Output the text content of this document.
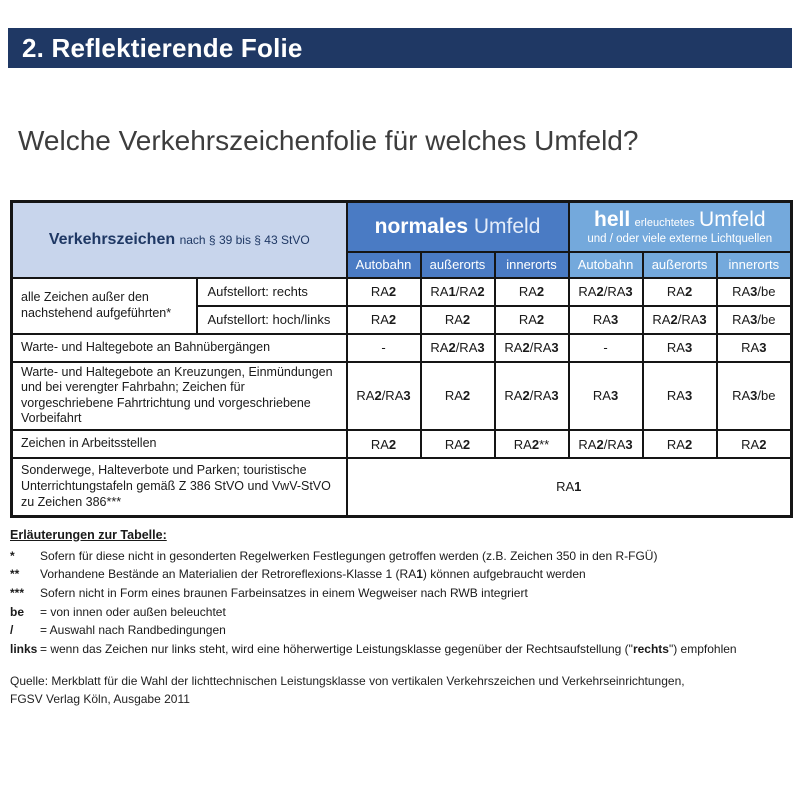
2. Reflektierende Folie
Welche Verkehrszeichenfolie für welches Umfeld?
Verkehrszeichen nach § 39 bis § 43 StVO		normales Umfeld			hell erleuchtetes Umfeld
und / oder viele externe Lichtquellen		

		Autobahn	außerorts	innerorts	Autobahn	außerorts	innerorts
alle Zeichen außer den nachstehend aufgeführten*	Aufstellort: rechts	RA2	RA1/RA2	RA2	RA2/RA3	RA2	RA3/be
	Aufstellort: hoch/links	RA2	RA2	RA2	RA3	RA2/RA3	RA3/be
Warte- und Haltegebote an Bahnübergängen		-	RA2/RA3	RA2/RA3	-	RA3	RA3
Warte- und Haltegebote an Kreuzungen, Einmündungen und bei verengter Fahrbahn; Zeichen für vorgeschriebene Fahrtrichtung und vorgeschriebene Vorbeifahrt		RA2/RA3	RA2	RA2/RA3	RA3	RA3	RA3/be
Zeichen in Arbeitsstellen		RA2	RA2	RA2**	RA2/RA3	RA2	RA2
Sonderwege, Halteverbote und Parken; touristische Unterrichtungstafeln gemäß Z 386 StVO und VwV-StVO zu Zeichen 386***		RA1					
Erläuterungen zur Tabelle:
*	Sofern für diese nicht in gesonderten Regelwerken Festlegungen getroffen werden (z.B. Zeichen 350 in den R-FGÜ)
**	Vorhandene Bestände an Materialien der Retroreflexions-Klasse 1 (RA1) können aufgebraucht werden
***	Sofern nicht in Form eines braunen Farbeinsatzes in einem Wegweiser nach RWB integriert
be	= von innen oder außen beleuchtet
/	= Auswahl nach Randbedingungen
links = wenn das Zeichen nur links steht, wird eine höherwertige Leistungsklasse gegenüber der Rechtsaufstellung ("rechts") empfohlen
Quelle: Merkblatt für die Wahl der lichttechnischen Leistungsklasse von vertikalen Verkehrszeichen und Verkehrseinrichtungen,
FGSV Verlag Köln, Ausgabe 2011
